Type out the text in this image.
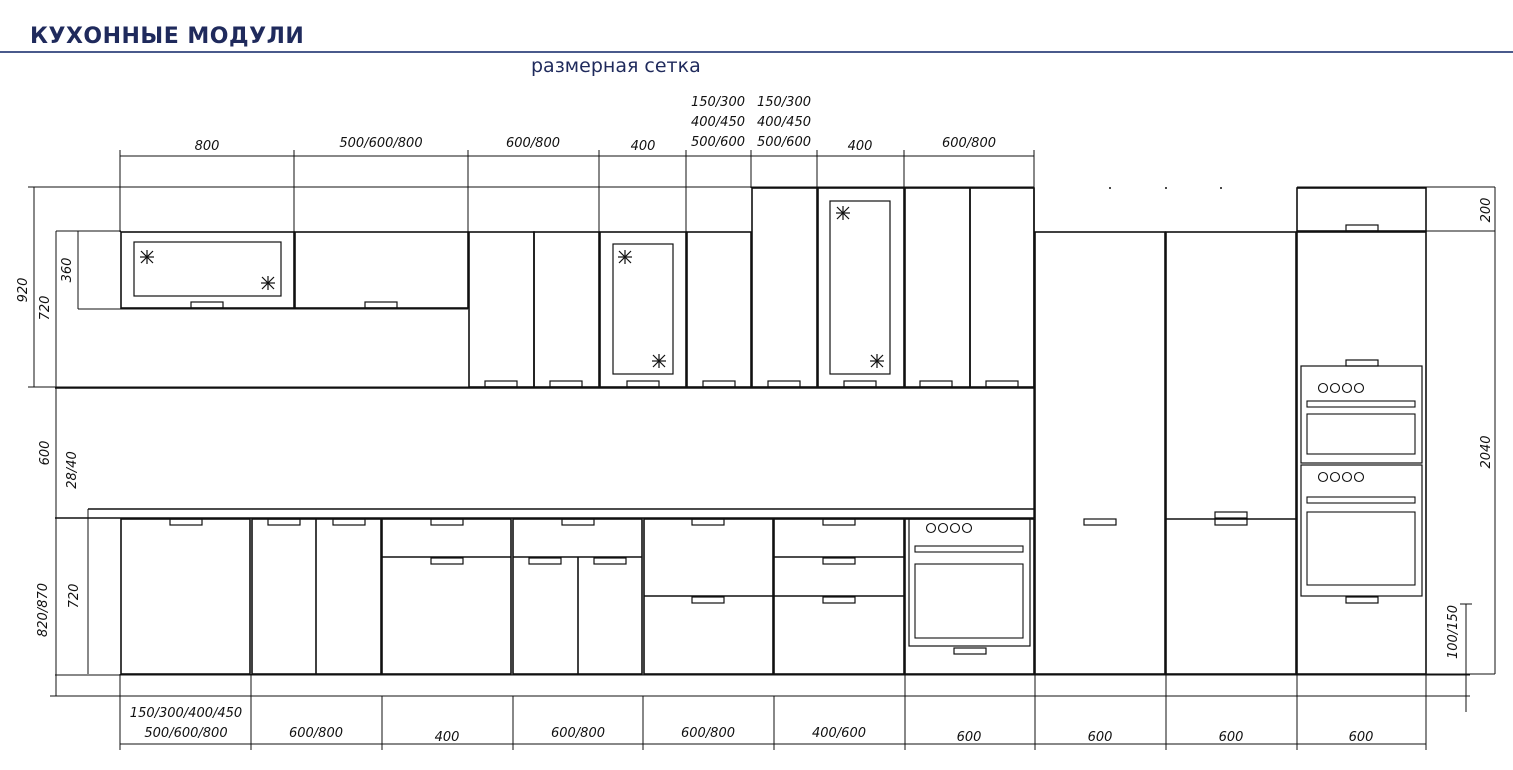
КУХОННЫЕ МОДУЛИ
размерная сетка
800	500/600/800	600/800	400	400	600/800
150/300
400/450
500/600
150/300
400/450
500/600
920
720
360
600 28/40
820/870 720
200
2040
100/150
150/300/400/450
500/600/800	600/800	400	600/800	600/800	400/600	600	600	600	600
